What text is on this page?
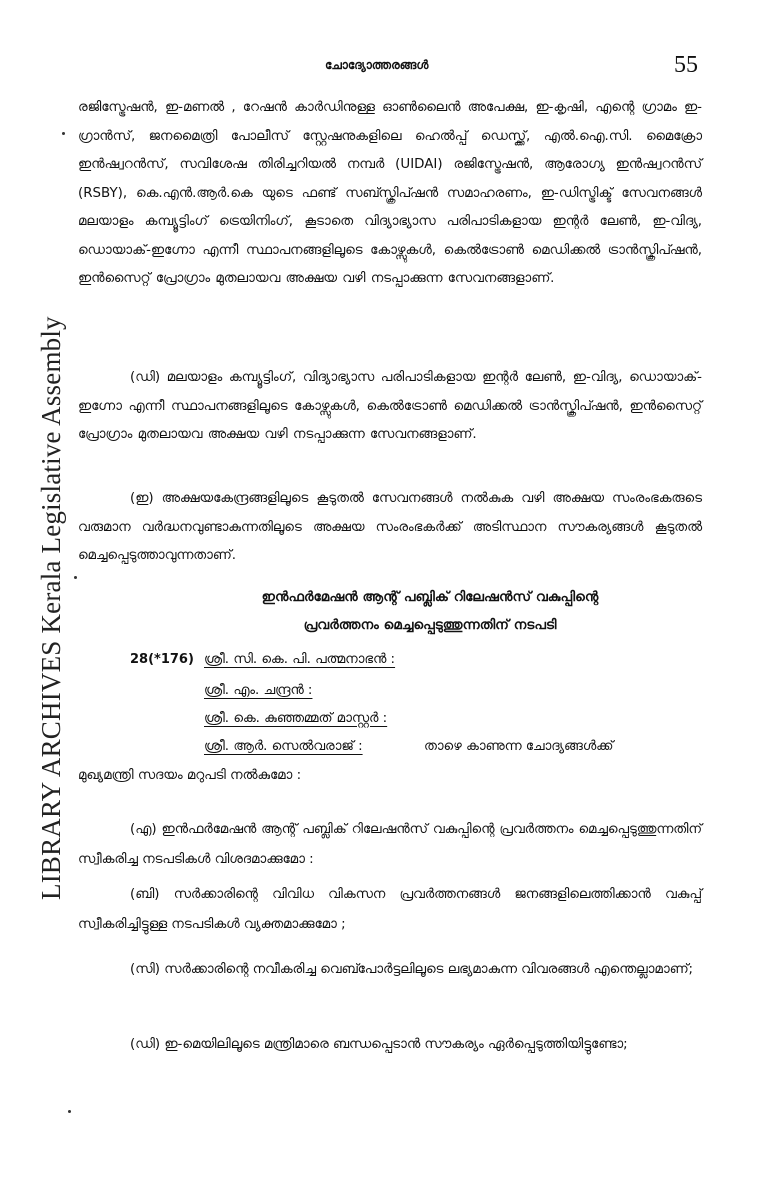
LIBRARY ARCHIVES Kerala Legislative Assembly
ചോദ്യോത്തരങ്ങൾ	55
രജിസ്ട്രേഷൻ, ഇ-മണൽ , റേഷൻ കാർഡിനുള്ള ഓൺലൈൻ അപേക്ഷ, ഇ-കൃഷി, എന്റെ ഗ്രാമം ഇ-ഗ്രാൻസ്, ജനമൈത്രി പോലീസ് സ്റ്റേഷനുകളിലെ ഹെൽപ്പ് ഡെസ്ക്ക്, എൽ.ഐ.സി. മൈക്രോ ഇൻഷ്വറൻസ്, സവിശേഷ തിരിച്ചറിയൽ നമ്പർ (UIDAI) രജിസ്ട്രേഷൻ, ആരോഗ്യ ഇൻഷ്വറൻസ് (RSBY), കെ.എൻ.ആർ.കെ യുടെ ഫണ്ട് സബ്സ്ക്രിപ്ഷൻ സമാഹരണം, ഇ-ഡിസ്ട്രിക്ട് സേവനങ്ങൾ മലയാളം കമ്പ്യൂട്ടിംഗ് ട്രെയിനിംഗ്, കൂടാതെ വിദ്യാഭ്യാസ പരിപാടികളായ ഇന്റർ ലേൺ, ഇ-വിദ്യ, ഡൊയാക്-ഇഗ്നോ എന്നീ സ്ഥാപനങ്ങളിലൂടെ കോഴ്സുകൾ, കെൽട്രോൺ മെഡിക്കൽ ട്രാൻസ്ക്രിപ്ഷൻ, ഇൻസൈറ്റ് പ്രോഗ്രാം മുതലായവ അക്ഷയ വഴി നടപ്പാക്കുന്ന സേവനങ്ങളാണ്.
(ഡി) മലയാളം കമ്പ്യൂട്ടിംഗ്, വിദ്യാഭ്യാസ പരിപാടികളായ ഇന്റർ ലേൺ, ഇ-വിദ്യ, ഡൊയാക്-ഇഗ്നോ എന്നീ സ്ഥാപനങ്ങളിലൂടെ കോഴ്സുകൾ, കെൽട്രോൺ മെഡിക്കൽ ട്രാൻസ്ക്രിപ്ഷൻ, ഇൻസൈറ്റ് പ്രോഗ്രാം മുതലായവ അക്ഷയ വഴി നടപ്പാക്കുന്ന സേവനങ്ങളാണ്.
(ഇ) അക്ഷയകേന്ദ്രങ്ങളിലൂടെ കൂടുതൽ സേവനങ്ങൾ നൽകുക വഴി അക്ഷയ സംരംഭകരുടെ വരുമാന വർദ്ധനവുണ്ടാകുന്നതിലൂടെ അക്ഷയ സംരംഭകർക്ക് അടിസ്ഥാന സൗകര്യങ്ങൾ കൂടുതൽ മെച്ചപ്പെടുത്താവുന്നതാണ്.
ഇൻഫർമേഷൻ ആന്റ് പബ്ലിക് റിലേഷൻസ് വകുപ്പിന്റെ
പ്രവർത്തനം മെച്ചപ്പെടുത്തുന്നതിന് നടപടി
28(*176) ശ്രീ. സി. കെ. പി. പത്മനാഭൻ :
ശ്രീ. എം. ചന്ദ്രൻ :
ശ്രീ. കെ. കുഞ്ഞമ്മത് മാസ്റ്റർ :
ശ്രീ. ആർ. സെൽവരാജ് :	താഴെ കാണുന്ന ചോദ്യങ്ങൾക്ക്
മുഖ്യമന്ത്രി സദയം മറുപടി നൽകുമോ :
(എ) ഇൻഫർമേഷൻ ആന്റ് പബ്ലിക് റിലേഷൻസ് വകുപ്പിന്റെ പ്രവർത്തനം മെച്ചപ്പെടുത്തുന്നതിന് സ്വീകരിച്ച നടപടികൾ വിശദമാക്കുമോ :
(ബി) സർക്കാരിന്റെ വിവിധ വികസന പ്രവർത്തനങ്ങൾ ജനങ്ങളിലെത്തിക്കാൻ വകുപ്പ് സ്വീകരിച്ചിട്ടുള്ള നടപടികൾ വ്യക്തമാക്കുമോ ;
(സി) സർക്കാരിന്റെ നവീകരിച്ച വെബ്പോർട്ടലിലൂടെ ലഭ്യമാകുന്ന വിവരങ്ങൾ എന്തെല്ലാമാണ്;
(ഡി) ഇ-മെയിലിലൂടെ മന്ത്രിമാരെ ബന്ധപ്പെടാൻ സൗകര്യം ഏർപ്പെടുത്തിയിട്ടുണ്ടോ;
